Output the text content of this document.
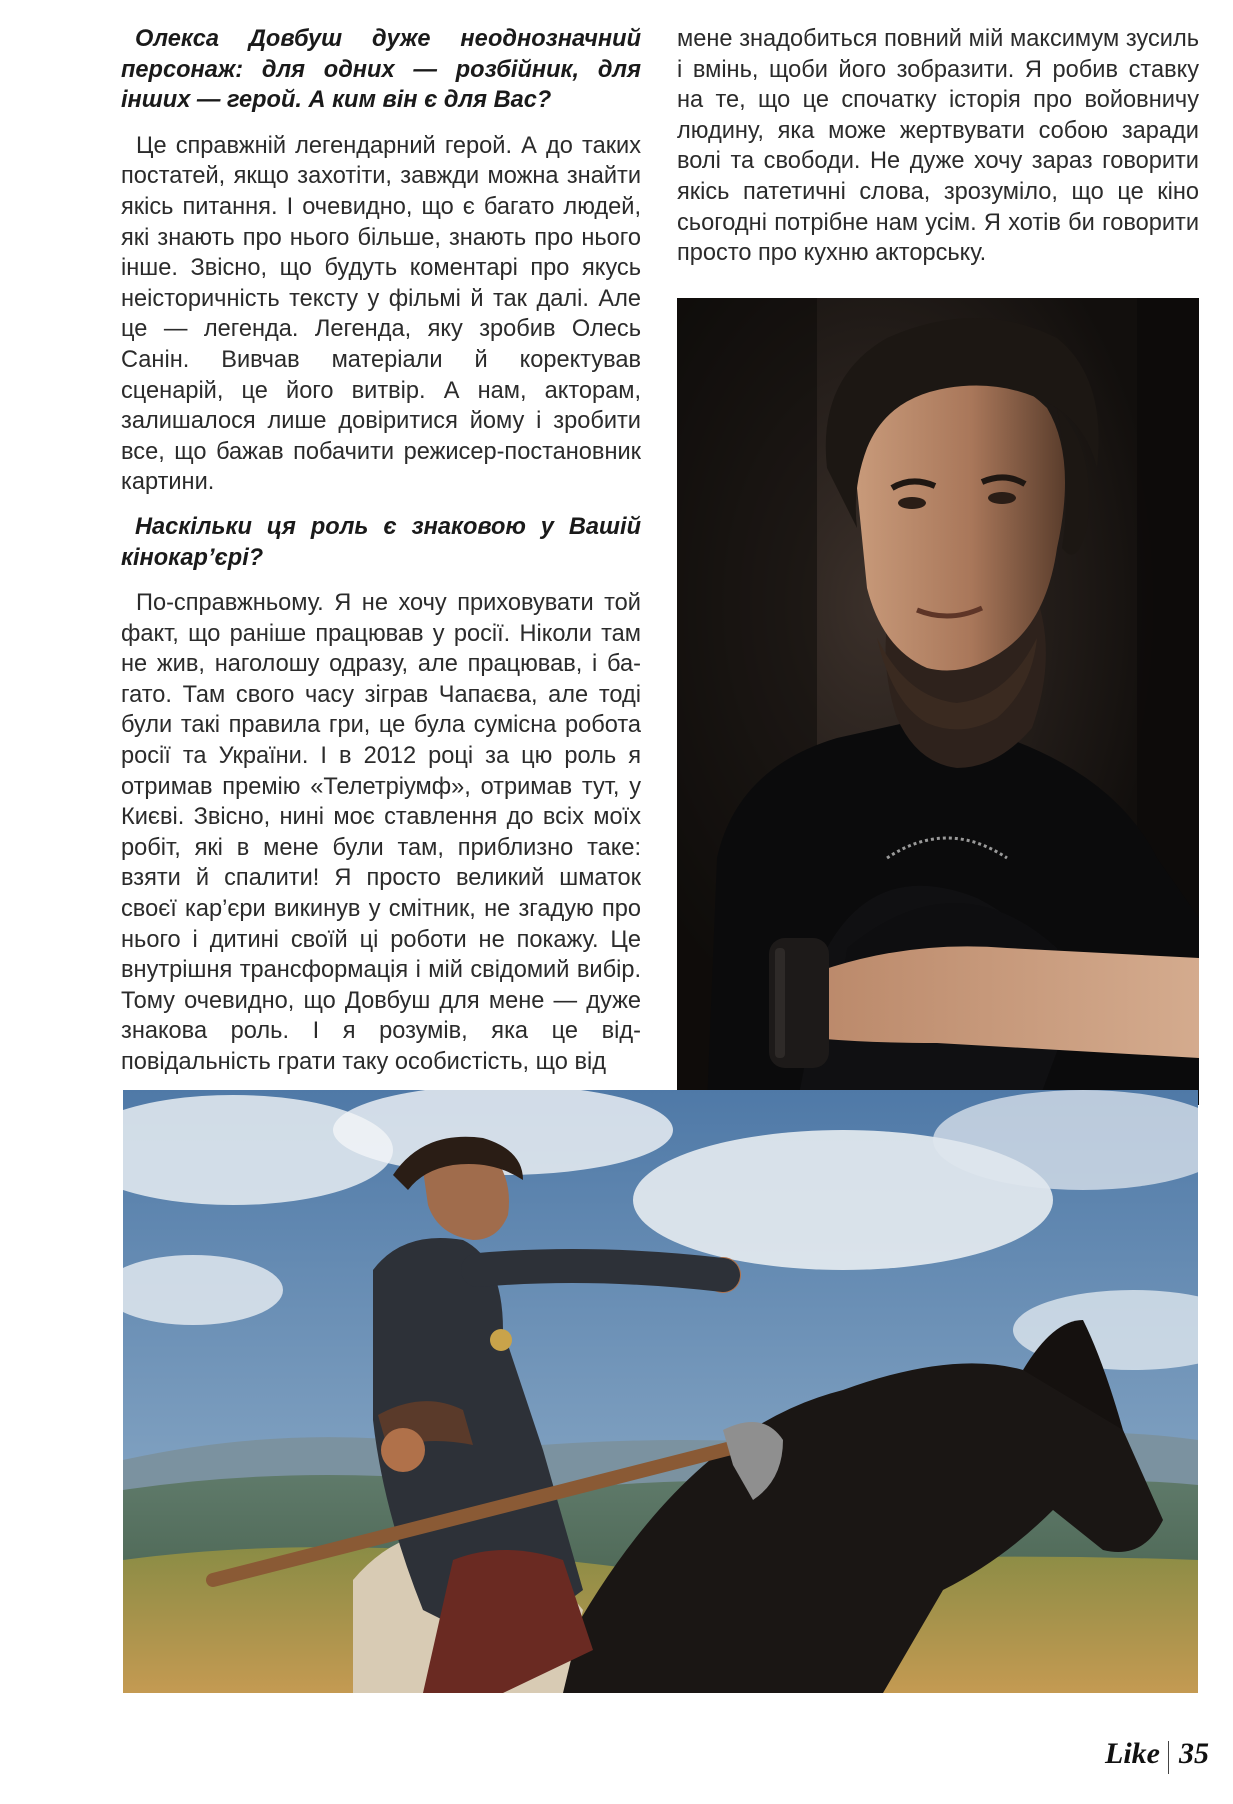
Олекса Довбуш дуже неоднозначний персонаж: для одних — розбійник, для інших — герой. А ким він є для Вас?

Це справжній легендарний герой. А до таких постатей, якщо захотіти, завжди можна знайти якісь питання. І очевидно, що є багато людей, які знають про нього більше, знають про нього інше. Звісно, що будуть коментарі про якусь неісторичність тексту у фільмі й так далі. Але це — легенда. Легенда, яку зробив Олесь Санін. Вивчав матеріали й коректував сценарій, це його витвір. А нам, акторам, залишалося лише довіритися йому і зробити все, що бажав побачити режисер-постановник картини.

Наскільки ця роль є знаковою у Вашій кінокар’єрі?

По-справжньому. Я не хочу приховувати той факт, що раніше працював у росії. Ніколи там не жив, наголошу одразу, але працював, і багато. Там свого часу зіграв Чапаєва, але тоді були такі правила гри, це була сумісна робота росії та України. І в 2012 році за цю роль я отримав премію «Телетріумф», отримав тут, у Києві. Звісно, нині моє ставлення до всіх моїх робіт, які в мене були там, приблизно таке: взяти й спалити! Я просто великий шматок своєї кар’єри викинув у смітник, не згадую про нього і дитині своїй ці роботи не покажу. Це внутрішня трансформація і мій свідомий вибір. Тому очевидно, що Довбуш для мене — дуже знакова роль. І я розумів, яка це відповідальність грати таку особистість, що від

мене знадобиться повний мій максимум зусиль і вмінь, щоби його зобразити. Я робив ставку на те, що це спочатку історія про войовничу людину, яка може жертвувати собою заради волі та свободи. Не дуже хочу зараз говорити якісь патетичні слова, зрозуміло, що це кіно сьогодні потрібне нам усім. Я хотів би говорити просто про кухню акторську.

Like 35
